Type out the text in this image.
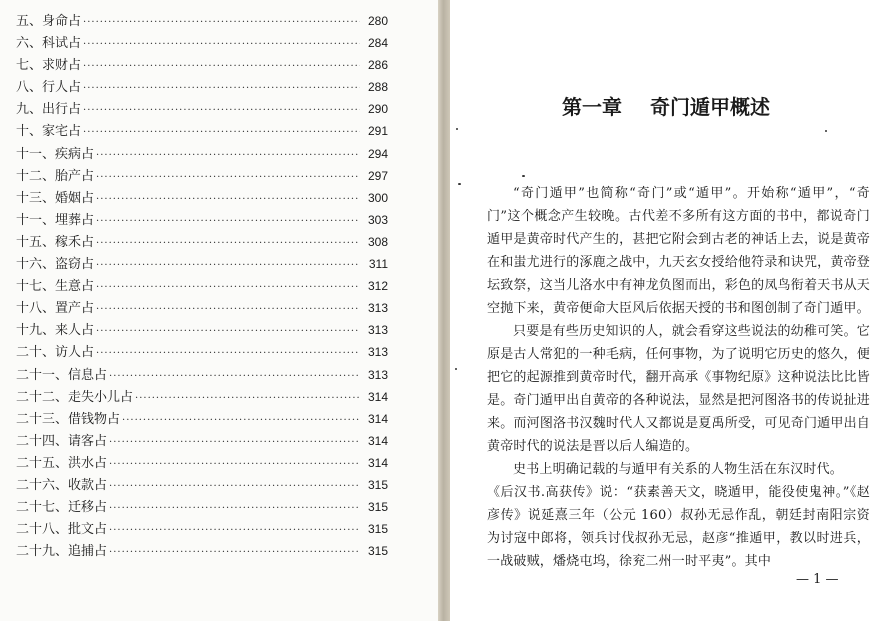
五、 身命占 ·····	280
六、 科试占 ·····	284
七、 求财占 ·····	286
八、 行人占 ·····	288
九、 出行占 ·····	290
十、 家宅占 ·····	291
十一、 疾病占 ·····	294
十二、 胎产占 ·····	297
十三、 婚姻占 ·····	300
十一、 埋葬占 ·····	303
十五、 稼禾占 ·····	308
十六、 盗窃占 ·····	311
十七、 生意占 ·····	312
十八、 置产占 ·····	313
十九、 来人占 ·····	313
二十、 访人占 ·····	313
二十一、 信息占 ·····	313
二十二、 走失小儿占 ·····	314
二十三、 借钱物占 ·····	314
二十四、 请客占 ·····	314
二十五、 洪水占 ·····	314
二十六、 收款占 ·····	315
二十七、 迁移占 ·····	315
二十八、 批文占 ·····	315
二十九、 追捕占 ·····	315
第一章 奇门遁甲概述

“奇门遁甲”也简称“奇门”或“遁甲”。开始称“遁甲”，“奇门”这个概念产生较晚。古代差不多所有这方面的书中，都说奇门遁甲是黄帝时代产生的，甚把它附会到古老的神话上去，说是黄帝在和蚩尤进行的涿鹿之战中，九天玄女授给他符录和诀咒，黄帝登坛致祭，这当儿洛水中有神龙负图而出，彩色的凤鸟衔着天书从天空抛下来，黄帝便命大臣风后依据天授的书和图创制了奇门遁甲。

只要是有些历史知识的人，就会看穿这些说法的幼稚可笑。它原是古人常犯的一种毛病，任何事物，为了说明它历史的悠久，便把它的起源推到黄帝时代，翻开高承《事物纪原》这种说法比比皆是。奇门遁甲出自黄帝的各种说法，显然是把河图洛书的传说扯进来。而河图洛书汉魏时代人又都说是夏禹所受，可见奇门遁甲出自黄帝时代的说法是晋以后人编造的。

史书上明确记载的与遁甲有关系的人物生活在东汉时代。

《后汉书.高获传》说：“获素善天文，晓遁甲，能役使鬼神。”《赵彦传》说延熹三年（公元 160）叔孙无忌作乱，朝廷封南阳宗资为讨寇中郎将，领兵讨伐叔孙无忌，赵彦“推遁甲，教以时进兵，一战破贼，燔烧屯坞，徐兖二州一时平夷”。其中

— 1 —
